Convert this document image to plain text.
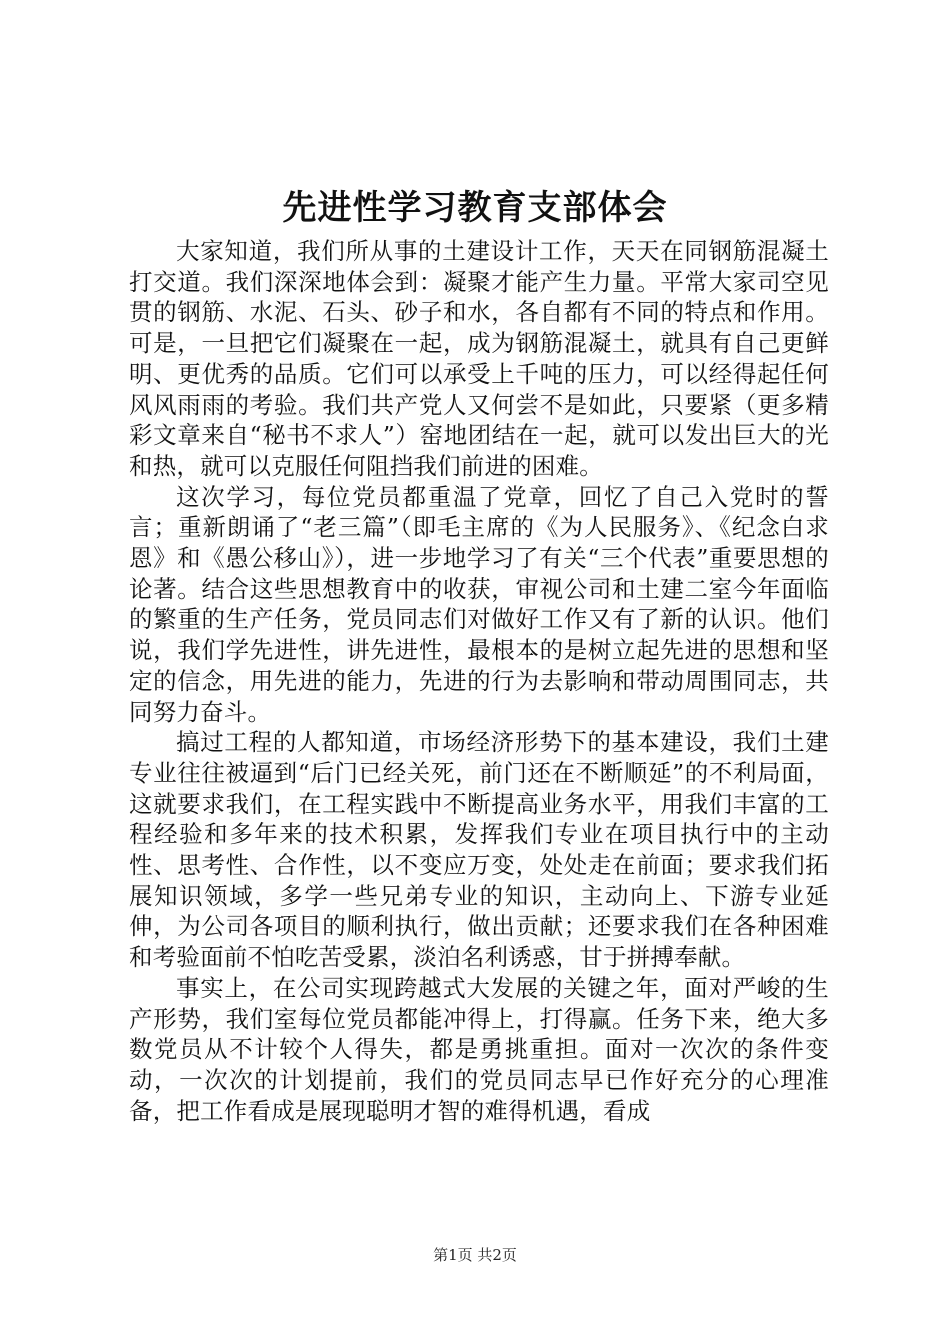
先进性学习教育支部体会

大家知道，我们所从事的土建设计工作，天天在同钢筋混凝土打交道。我们深深地体会到：凝聚才能产生力量。平常大家司空见贯的钢筋、水泥、石头、砂子和水，各自都有不同的特点和作用。可是，一旦把它们凝聚在一起，成为钢筋混凝土，就具有自己更鲜明、更优秀的品质。它们可以承受上千吨的压力，可以经得起任何风风雨雨的考验。我们共产党人又何尝不是如此，只要紧（更多精彩文章来自“秘书不求人”）窑地团结在一起，就可以发出巨大的光和热，就可以克服任何阻挡我们前进的困难。

这次学习，每位党员都重温了党章，回忆了自己入党时的誓言；重新朗诵了“老三篇”（即毛主席的《为人民服务》、《纪念白求恩》和《愚公移山》），进一步地学习了有关“三个代表”重要思想的论著。结合这些思想教育中的收获，审视公司和土建二室今年面临的繁重的生产任务，党员同志们对做好工作又有了新的认识。他们说，我们学先进性，讲先进性，最根本的是树立起先进的思想和坚定的信念，用先进的能力，先进的行为去影响和带动周围同志，共同努力奋斗。

搞过工程的人都知道，市场经济形势下的基本建设，我们土建专业往往被逼到“后门已经关死，前门还在不断顺延”的不利局面，这就要求我们，在工程实践中不断提高业务水平，用我们丰富的工程经验和多年来的技术积累，发挥我们专业在项目执行中的主动性、思考性、合作性，以不变应万变，处处走在前面；要求我们拓展知识领域，多学一些兄弟专业的知识，主动向上、下游专业延伸，为公司各项目的顺利执行，做出贡献；还要求我们在各种困难和考验面前不怕吃苦受累，淡泊名利诱惑，甘于拼搏奉献。

事实上，在公司实现跨越式大发展的关键之年，面对严峻的生产形势，我们室每位党员都能冲得上，打得赢。任务下来，绝大多数党员从不计较个人得失，都是勇挑重担。面对一次次的条件变动，一次次的计划提前，我们的党员同志早已作好充分的心理准备，把工作看成是展现聪明才智的难得机遇，看成

第1页 共2页
